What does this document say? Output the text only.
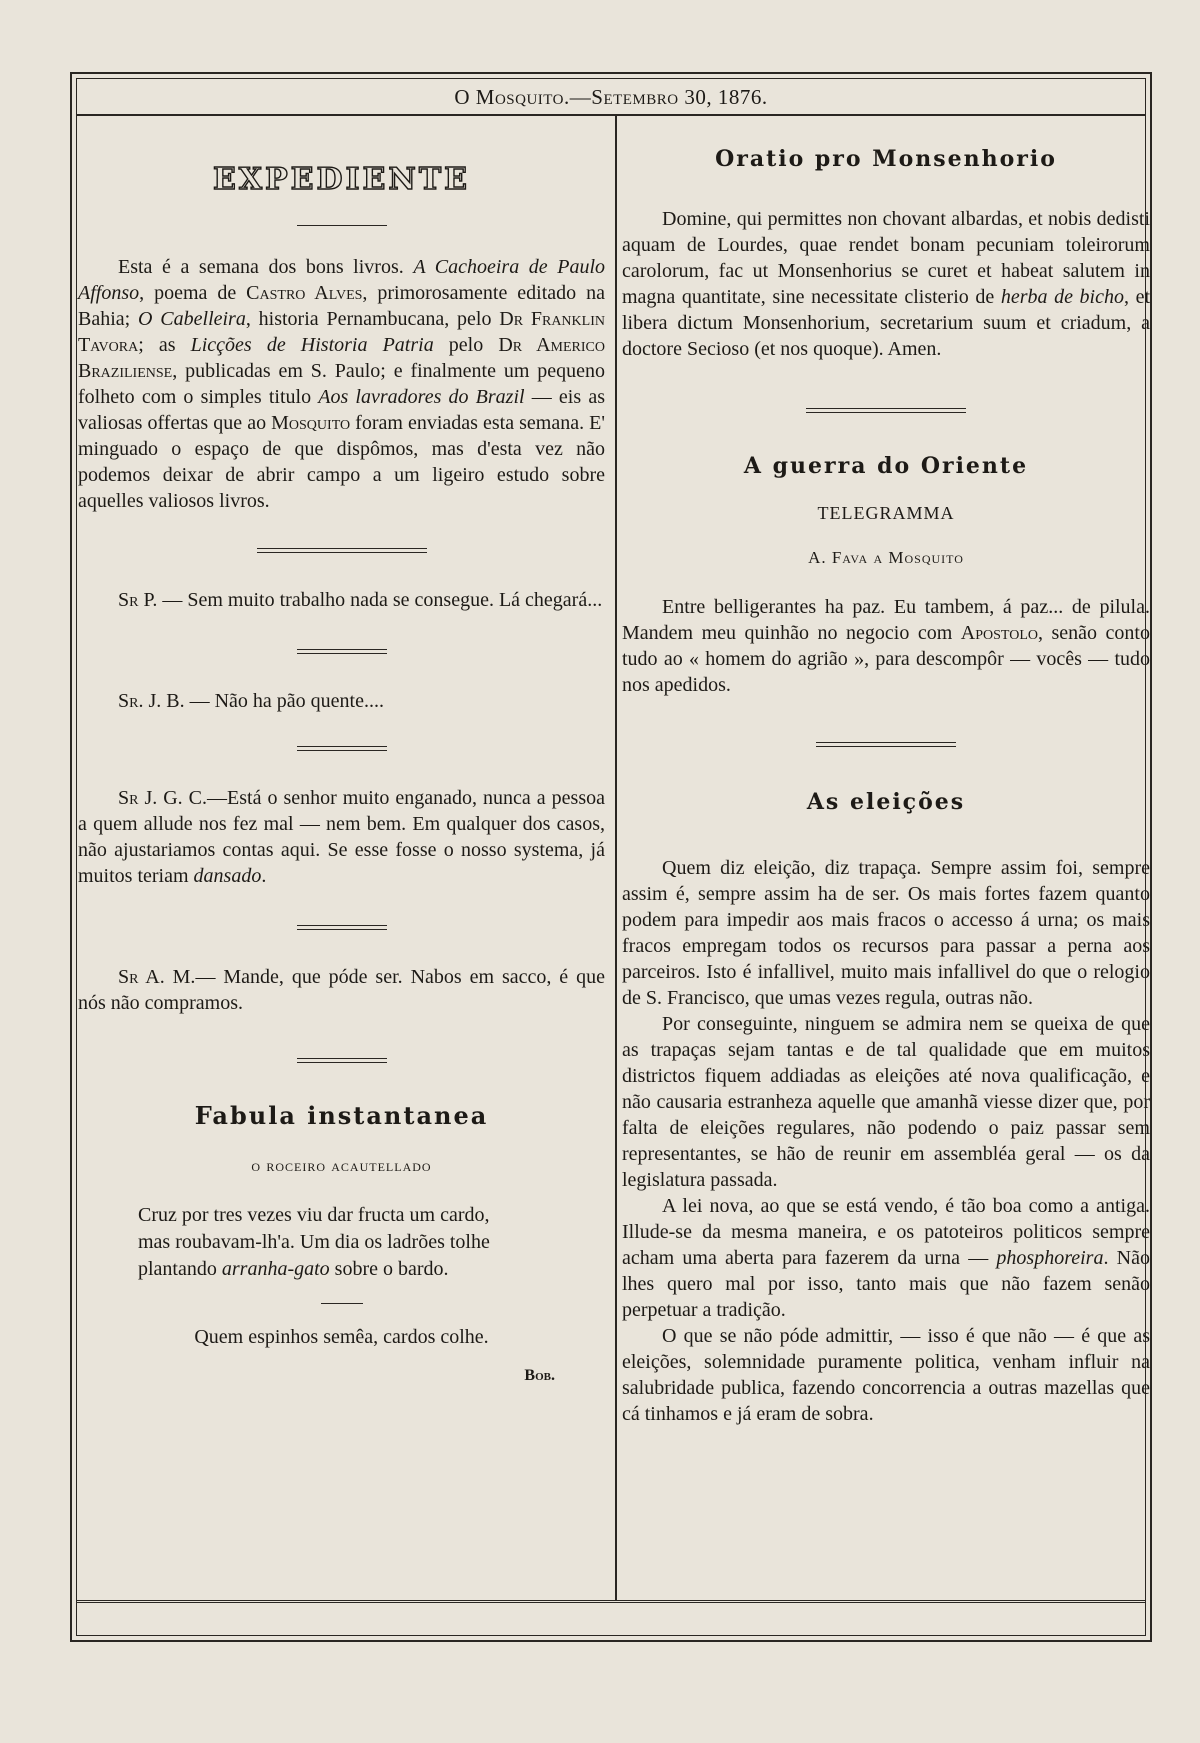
O Mosquito.—Setembro 30, 1876.
EXPEDIENTE

Esta é a semana dos bons livros. A Cachoeira de Paulo Affonso, poema de Castro Alves, primorosamente editado na Bahia; O Cabelleira, historia Pernambucana, pelo Dr Franklin Tavora; as Licções de Historia Patria pelo Dr Americo Braziliense, publicadas em S. Paulo; e finalmente um pequeno folheto com o simples titulo Aos lavradores do Brazil — eis as valiosas offertas que ao Mosquito foram enviadas esta semana. E' minguado o espaço de que dispômos, mas d'esta vez não podemos deixar de abrir campo a um ligeiro estudo sobre aquelles valiosos livros.

Sr P. — Sem muito trabalho nada se consegue. Lá chegará...

Sr. J. B. — Não ha pão quente....

Sr J. G. C.—Está o senhor muito enganado, nunca a pessoa a quem allude nos fez mal — nem bem. Em qualquer dos casos, não ajustariamos contas aqui. Se esse fosse o nosso systema, já muitos teriam dansado.

Sr A. M.— Mande, que póde ser. Nabos em sacco, é que nós não compramos.

Fabula instantanea

o roceiro acautellado

Cruz por tres vezes viu dar fructa um cardo,

mas roubavam-lh'a. Um dia os ladrões tolhe

plantando arranha-gato sobre o bardo.

Quem espinhos semêa, cardos colhe.

Bob.

Oratio pro Monsenhorio

Domine, qui permittes non chovant albardas, et nobis dedisti aquam de Lourdes, quae rendet bonam pecuniam toleirorum carolorum, fac ut Monsenhorius se curet et habeat salutem in magna quantitate, sine necessitate clisterio de herba de bicho, et libera dictum Monsenhorium, secretarium suum et criadum, a doctore Secioso (et nos quoque). Amen.

A guerra do Oriente

TELEGRAMMA

A. Fava a Mosquito

Entre belligerantes ha paz. Eu tambem, á paz... de pilula. Mandem meu quinhão no negocio com Apostolo, senão conto tudo ao « homem do agrião », para descompôr — vocês — tudo nos apedidos.

As eleições

Quem diz eleição, diz trapaça. Sempre assim foi, sempre assim é, sempre assim ha de ser. Os mais fortes fazem quanto podem para impedir aos mais fracos o accesso á urna; os mais fracos empregam todos os recursos para passar a perna aos parceiros. Isto é infallivel, muito mais infallivel do que o relogio de S. Francisco, que umas vezes regula, outras não.

Por conseguinte, ninguem se admira nem se queixa de que as trapaças sejam tantas e de tal qualidade que em muitos districtos fiquem addiadas as eleições até nova qualificação, e não causaria estranheza aquelle que amanhã viesse dizer que, por falta de eleições regulares, não podendo o paiz passar sem representantes, se hão de reunir em assembléa geral — os da legislatura passada.

A lei nova, ao que se está vendo, é tão boa como a antiga. Illude-se da mesma maneira, e os patoteiros politicos sempre acham uma aberta para fazerem da urna — phosphoreira. Não lhes quero mal por isso, tanto mais que não fazem senão perpetuar a tradição.

O que se não póde admittir, — isso é que não — é que as eleições, solemnidade puramente politica, venham influir na salubridade publica, fazendo concorrencia a outras mazellas que cá tinhamos e já eram de sobra.
